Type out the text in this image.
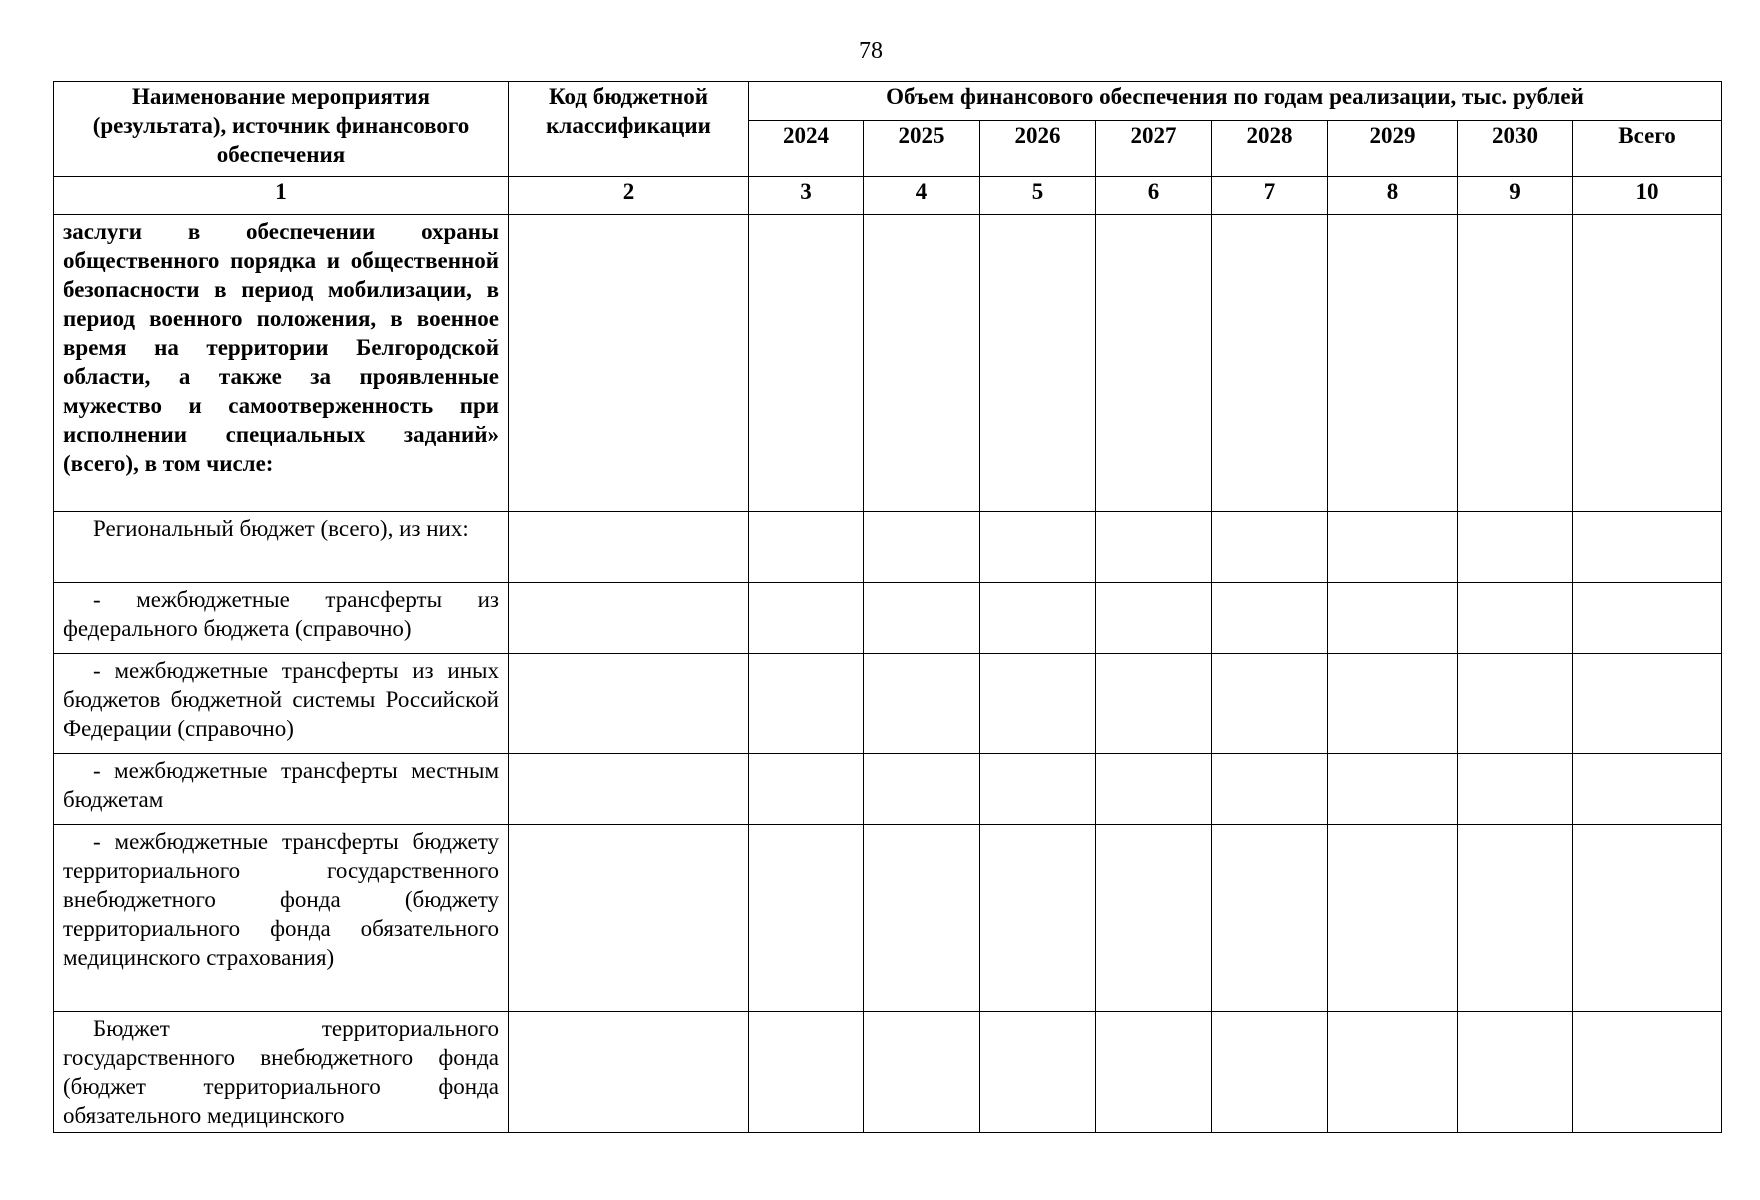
78
Наименование мероприятия (результата), источник финансового обеспечения	Код бюджетной классификации	Объем финансового обеспечения по годам реализации, тыс. рублей							
		2024	2025	2026	2027	2028	2029	2030	Всего
1	2	3	4	5	6	7	8	9	10
заслуги в обеспечении охраны общественного порядка и общественной безопасности в период мобилизации, в период военного положения, в военное время на территории Белгородской области, а также за проявленные мужество и самоотверженность при исполнении специальных заданий» (всего), в том числе:									
Региональный бюджет (всего), из них:									
- межбюджетные трансферты из федерального бюджета (справочно)									
- межбюджетные трансферты из иных бюджетов бюджетной системы Российской Федерации (справочно)									
- межбюджетные трансферты местным бюджетам									
- межбюджетные трансферты бюджету территориального государственного внебюджетного фонда (бюджету территориального фонда обязательного медицинского страхования)									
Бюджет территориального государственного внебюджетного фонда (бюджет территориального фонда обязательного медицинского									
